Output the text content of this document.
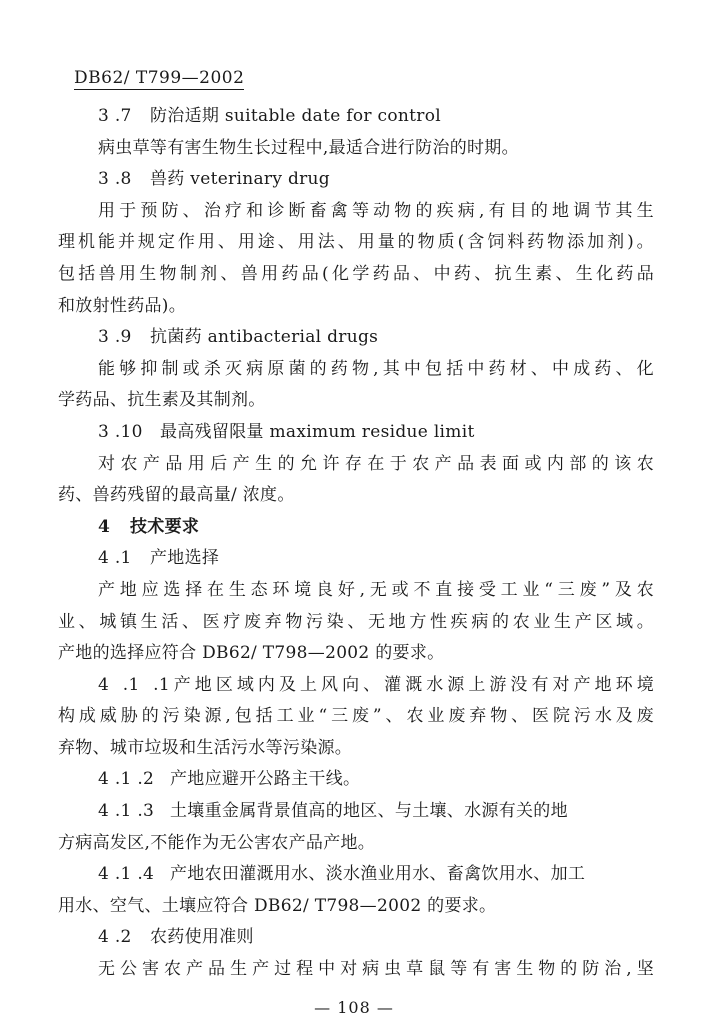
DB62/ T799—2002
3 .7 防治适期 suitable date for control
病虫草等有害生物生长过程中,最适合进行防治的时期。
3 .8 兽药 veterinary drug
用于预防、治疗和诊断畜禽等动物的疾病,有目的地调节其生
理机能并规定作用、用途、用法、用量的物质(含饲料药物添加剂)。
包括兽用生物制剂、兽用药品(化学药品、中药、抗生素、生化药品
和放射性药品)。
3 .9 抗菌药 antibacterial drugs
能够抑制或杀灭病原菌的药物,其中包括中药材、中成药、化
学药品、抗生素及其制剂。
3 .10 最高残留限量 maximum residue limit
对农产品用后产生的允许存在于农产品表面或内部的该农
药、兽药残留的最高量/ 浓度。
4 技术要求
4 .1 产地选择
产地应选择在生态环境良好,无或不直接受工业“三废”及农
业、城镇生活、医疗废弃物污染、无地方性疾病的农业生产区域。
产地的选择应符合 DB62/ T798—2002 的要求。
4 .1 .1产地区域内及上风向、灌溉水源上游没有对产地环境
构成威胁的污染源,包括工业“三废”、农业废弃物、医院污水及废
弃物、城市垃圾和生活污水等污染源。
4 .1 .2 产地应避开公路主干线。
4 .1 .3 土壤重金属背景值高的地区、与土壤、水源有关的地
方病高发区,不能作为无公害农产品产地。
4 .1 .4 产地农田灌溉用水、淡水渔业用水、畜禽饮用水、加工
用水、空气、土壤应符合 DB62/ T798—2002 的要求。
4 .2 农药使用准则
无公害农产品生产过程中对病虫草鼠等有害生物的防治,坚
— 108 —
